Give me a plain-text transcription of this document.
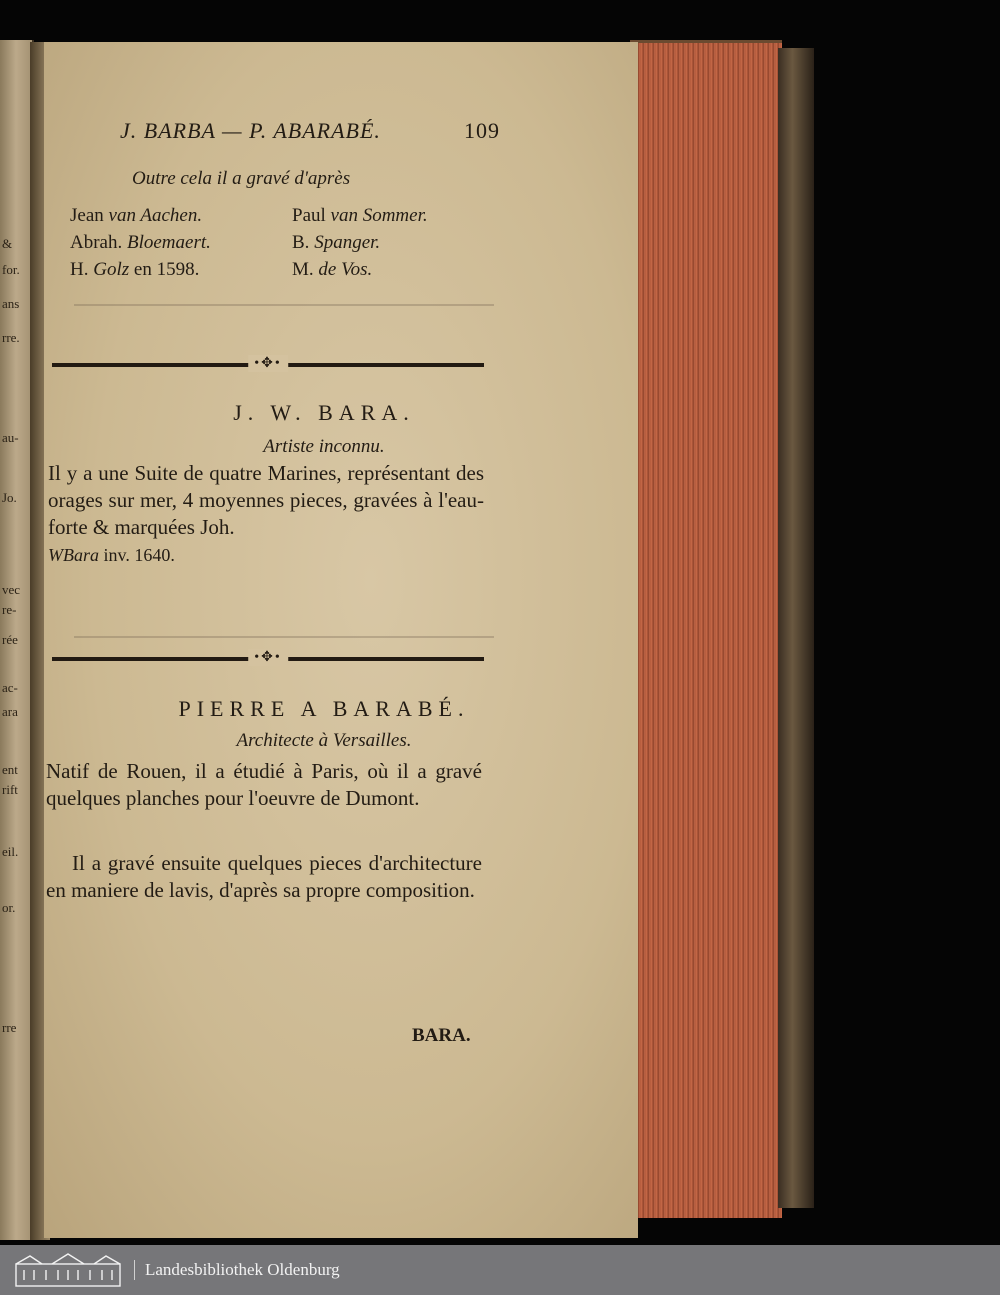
&
for.
ans
rre.
au-
Jo.
vec
re-
rée
ac-
ara
ent
rift
eil.
or.
rre
J. BARBA — P. ABARABÉ.	109
Outre cela il a gravé d'après
Jean van Aachen.
Abrah. Bloemaert.
H. Golz en 1598.
Paul van Sommer.
B. Spanger.
M. de Vos.
•✥•
J. W. BARA.
Artiste inconnu.
Il y a une Suite de quatre Marines, représentant des orages sur mer, 4 moyennes pieces, gravées à l'eau-forte & marquées Joh.
WBara inv. 1640.
•✥•
PIERRE A BARABÉ.
Architecte à Versailles.
Natif de Rouen, il a étudié à Paris, où il a gravé quelques planches pour l'oeuvre de Dumont.
Il a gravé ensuite quelques pieces d'architecture en maniere de lavis, d'après sa propre composition.
BARA.
Landesbibliothek Oldenburg
